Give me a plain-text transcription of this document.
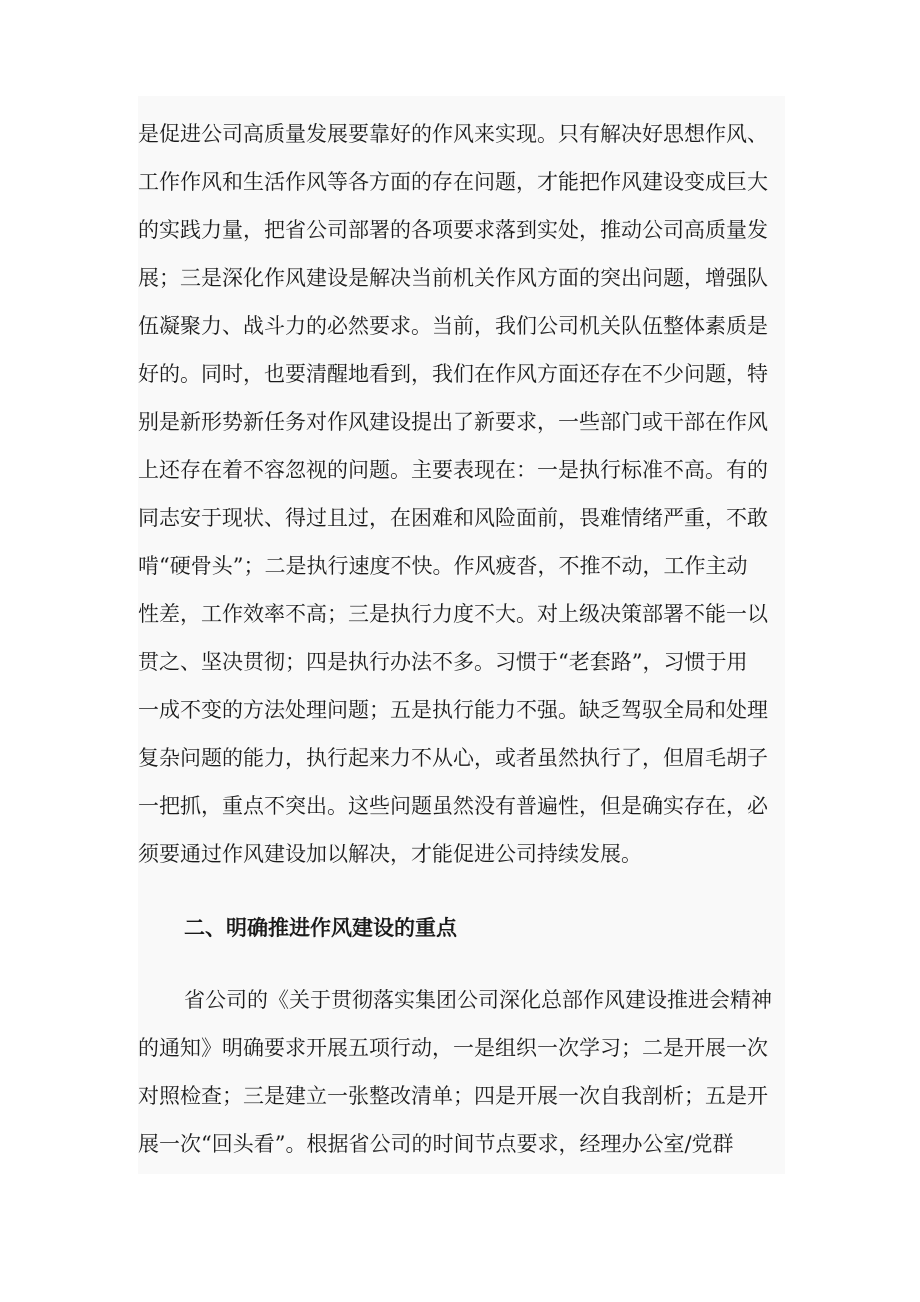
是促进公司高质量发展要靠好的作风来实现。只有解决好思想作风、
工作作风和生活作风等各方面的存在问题，才能把作风建设变成巨大
的实践力量，把省公司部署的各项要求落到实处，推动公司高质量发
展；三是深化作风建设是解决当前机关作风方面的突出问题，增强队
伍凝聚力、战斗力的必然要求。当前，我们公司机关队伍整体素质是
好的。同时，也要清醒地看到，我们在作风方面还存在不少问题，特
别是新形势新任务对作风建设提出了新要求，一些部门或干部在作风
上还存在着不容忽视的问题。主要表现在：一是执行标准不高。有的
同志安于现状、得过且过，在困难和风险面前，畏难情绪严重，不敢
啃“硬骨头”；二是执行速度不快。作风疲沓，不推不动，工作主动
性差，工作效率不高；三是执行力度不大。对上级决策部署不能一以
贯之、坚决贯彻；四是执行办法不多。习惯于“老套路”，习惯于用
一成不变的方法处理问题；五是执行能力不强。缺乏驾驭全局和处理
复杂问题的能力，执行起来力不从心，或者虽然执行了，但眉毛胡子
一把抓，重点不突出。这些问题虽然没有普遍性，但是确实存在，必
须要通过作风建设加以解决，才能促进公司持续发展。
二、明确推进作风建设的重点
省公司的《关于贯彻落实集团公司深化总部作风建设推进会精神
的通知》明确要求开展五项行动，一是组织一次学习；二是开展一次
对照检查；三是建立一张整改清单；四是开展一次自我剖析；五是开
展一次“回头看”。根据省公司的时间节点要求，经理办公室/党群
